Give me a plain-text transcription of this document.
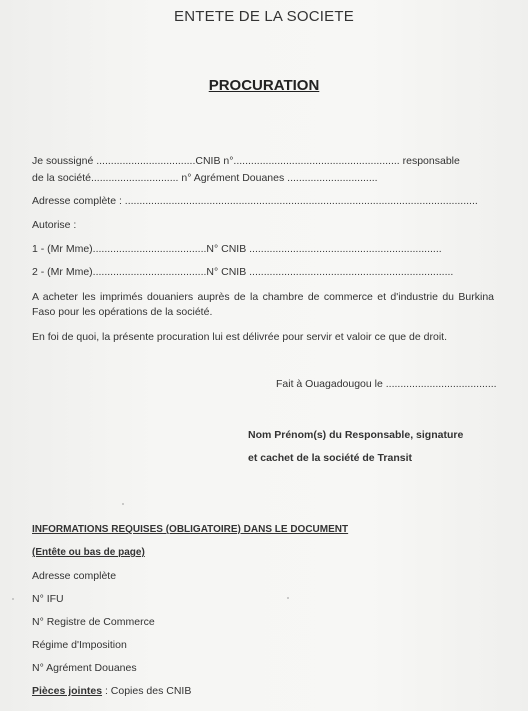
ENTETE DE LA SOCIETE
PROCURATION
Je soussigné ..................................CNIB n°......................................................... responsable
de la société.............................. n° Agrément Douanes ...............................
Adresse complète : .........................................................................................................................
Autorise :
1 - (Mr Mme).......................................N° CNIB ..................................................................
2 - (Mr Mme).......................................N° CNIB ......................................................................
A acheter les imprimés douaniers auprès de la chambre de commerce et d'industrie du Burkina Faso pour les opérations de la société.
En foi de quoi, la présente procuration lui est délivrée pour servir et valoir ce que de droit.
Fait à Ouagadougou le ......................................
Nom Prénom(s) du Responsable, signature
et cachet de la société de Transit
INFORMATIONS REQUISES (OBLIGATOIRE) DANS LE DOCUMENT
(Entête ou bas de page)
Adresse complète
N° IFU
N° Registre de Commerce
Régime d'Imposition
N° Agrément Douanes
Pièces jointes : Copies des CNIB
